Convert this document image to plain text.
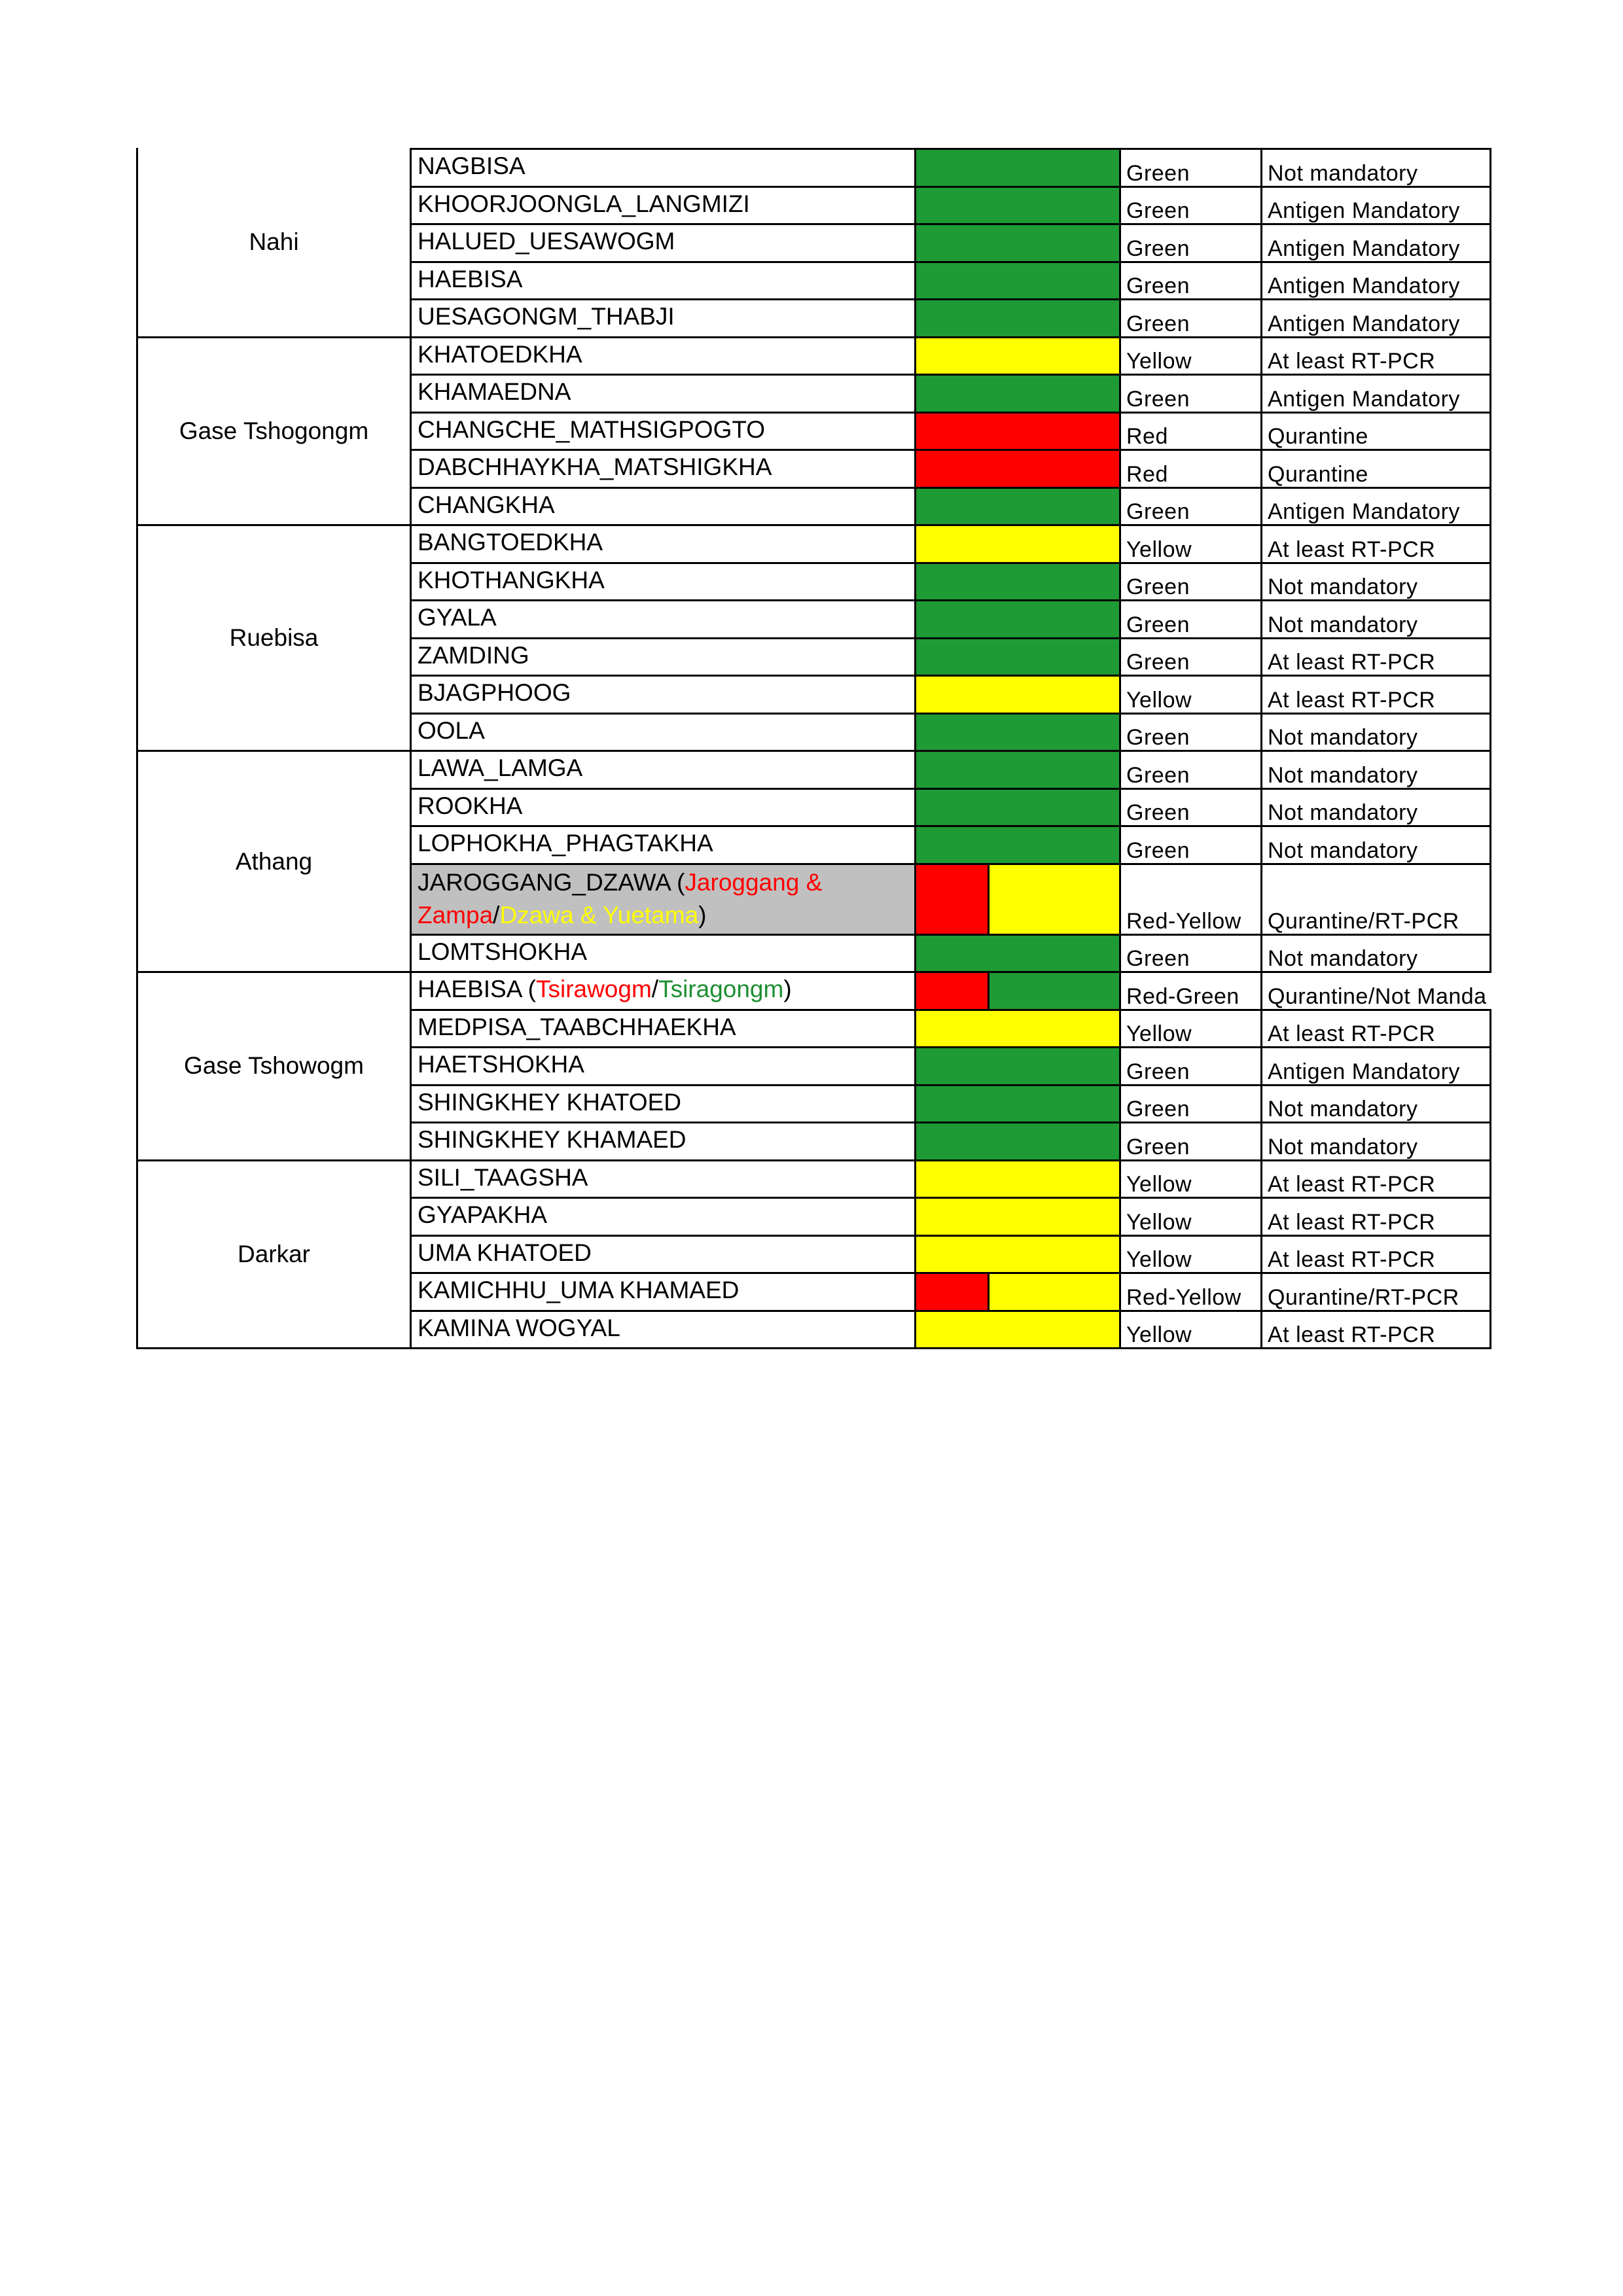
NAGBISA	Green	Not mandatory
KHOORJOONGLA_LANGMIZI	Green	Antigen Mandatory
HALUED_UESAWOGM	Green	Antigen Mandatory
HAEBISA	Green	Antigen Mandatory
UESAGONGM_THABJI	Green	Antigen Mandatory
Nahi
KHATOEDKHA	Yellow	At least RT-PCR
KHAMAEDNA	Green	Antigen Mandatory
CHANGCHE_MATHSIGPOGTO	Red	Qurantine
DABCHHAYKHA_MATSHIGKHA	Red	Qurantine
CHANGKHA	Green	Antigen Mandatory
Gase Tshogongm
BANGTOEDKHA	Yellow	At least RT-PCR
KHOTHANGKHA	Green	Not mandatory
GYALA	Green	Not mandatory
ZAMDING	Green	At least RT-PCR
BJAGPHOOG	Yellow	At least RT-PCR
OOLA	Green	Not mandatory
Ruebisa
LAWA_LAMGA	Green	Not mandatory
ROOKHA	Green	Not mandatory
LOPHOKHA_PHAGTAKHA	Green	Not mandatory
JAROGGANG_DZAWA (Jaroggang & Zampa/Dzawa & Yuetama)	Red-Yellow Qurantine/RT-PCR
LOMTSHOKHA	Green	Not mandatory
Athang
HAEBISA (Tsirawogm/Tsiragongm)	Red-Green Qurantine/Not Manda
MEDPISA_TAABCHHAEKHA	Yellow	At least RT-PCR
HAETSHOKHA	Green	Antigen Mandatory
SHINGKHEY KHATOED	Green	Not mandatory
SHINGKHEY KHAMAED	Green	Not mandatory
Gase Tshowogm
SILI_TAAGSHA	Yellow	At least RT-PCR
GYAPAKHA	Yellow	At least RT-PCR
UMA KHATOED	Yellow	At least RT-PCR
KAMICHHU_UMA KHAMAED	Red-Yellow Qurantine/RT-PCR
KAMINA WOGYAL	Yellow	At least RT-PCR
Darkar
